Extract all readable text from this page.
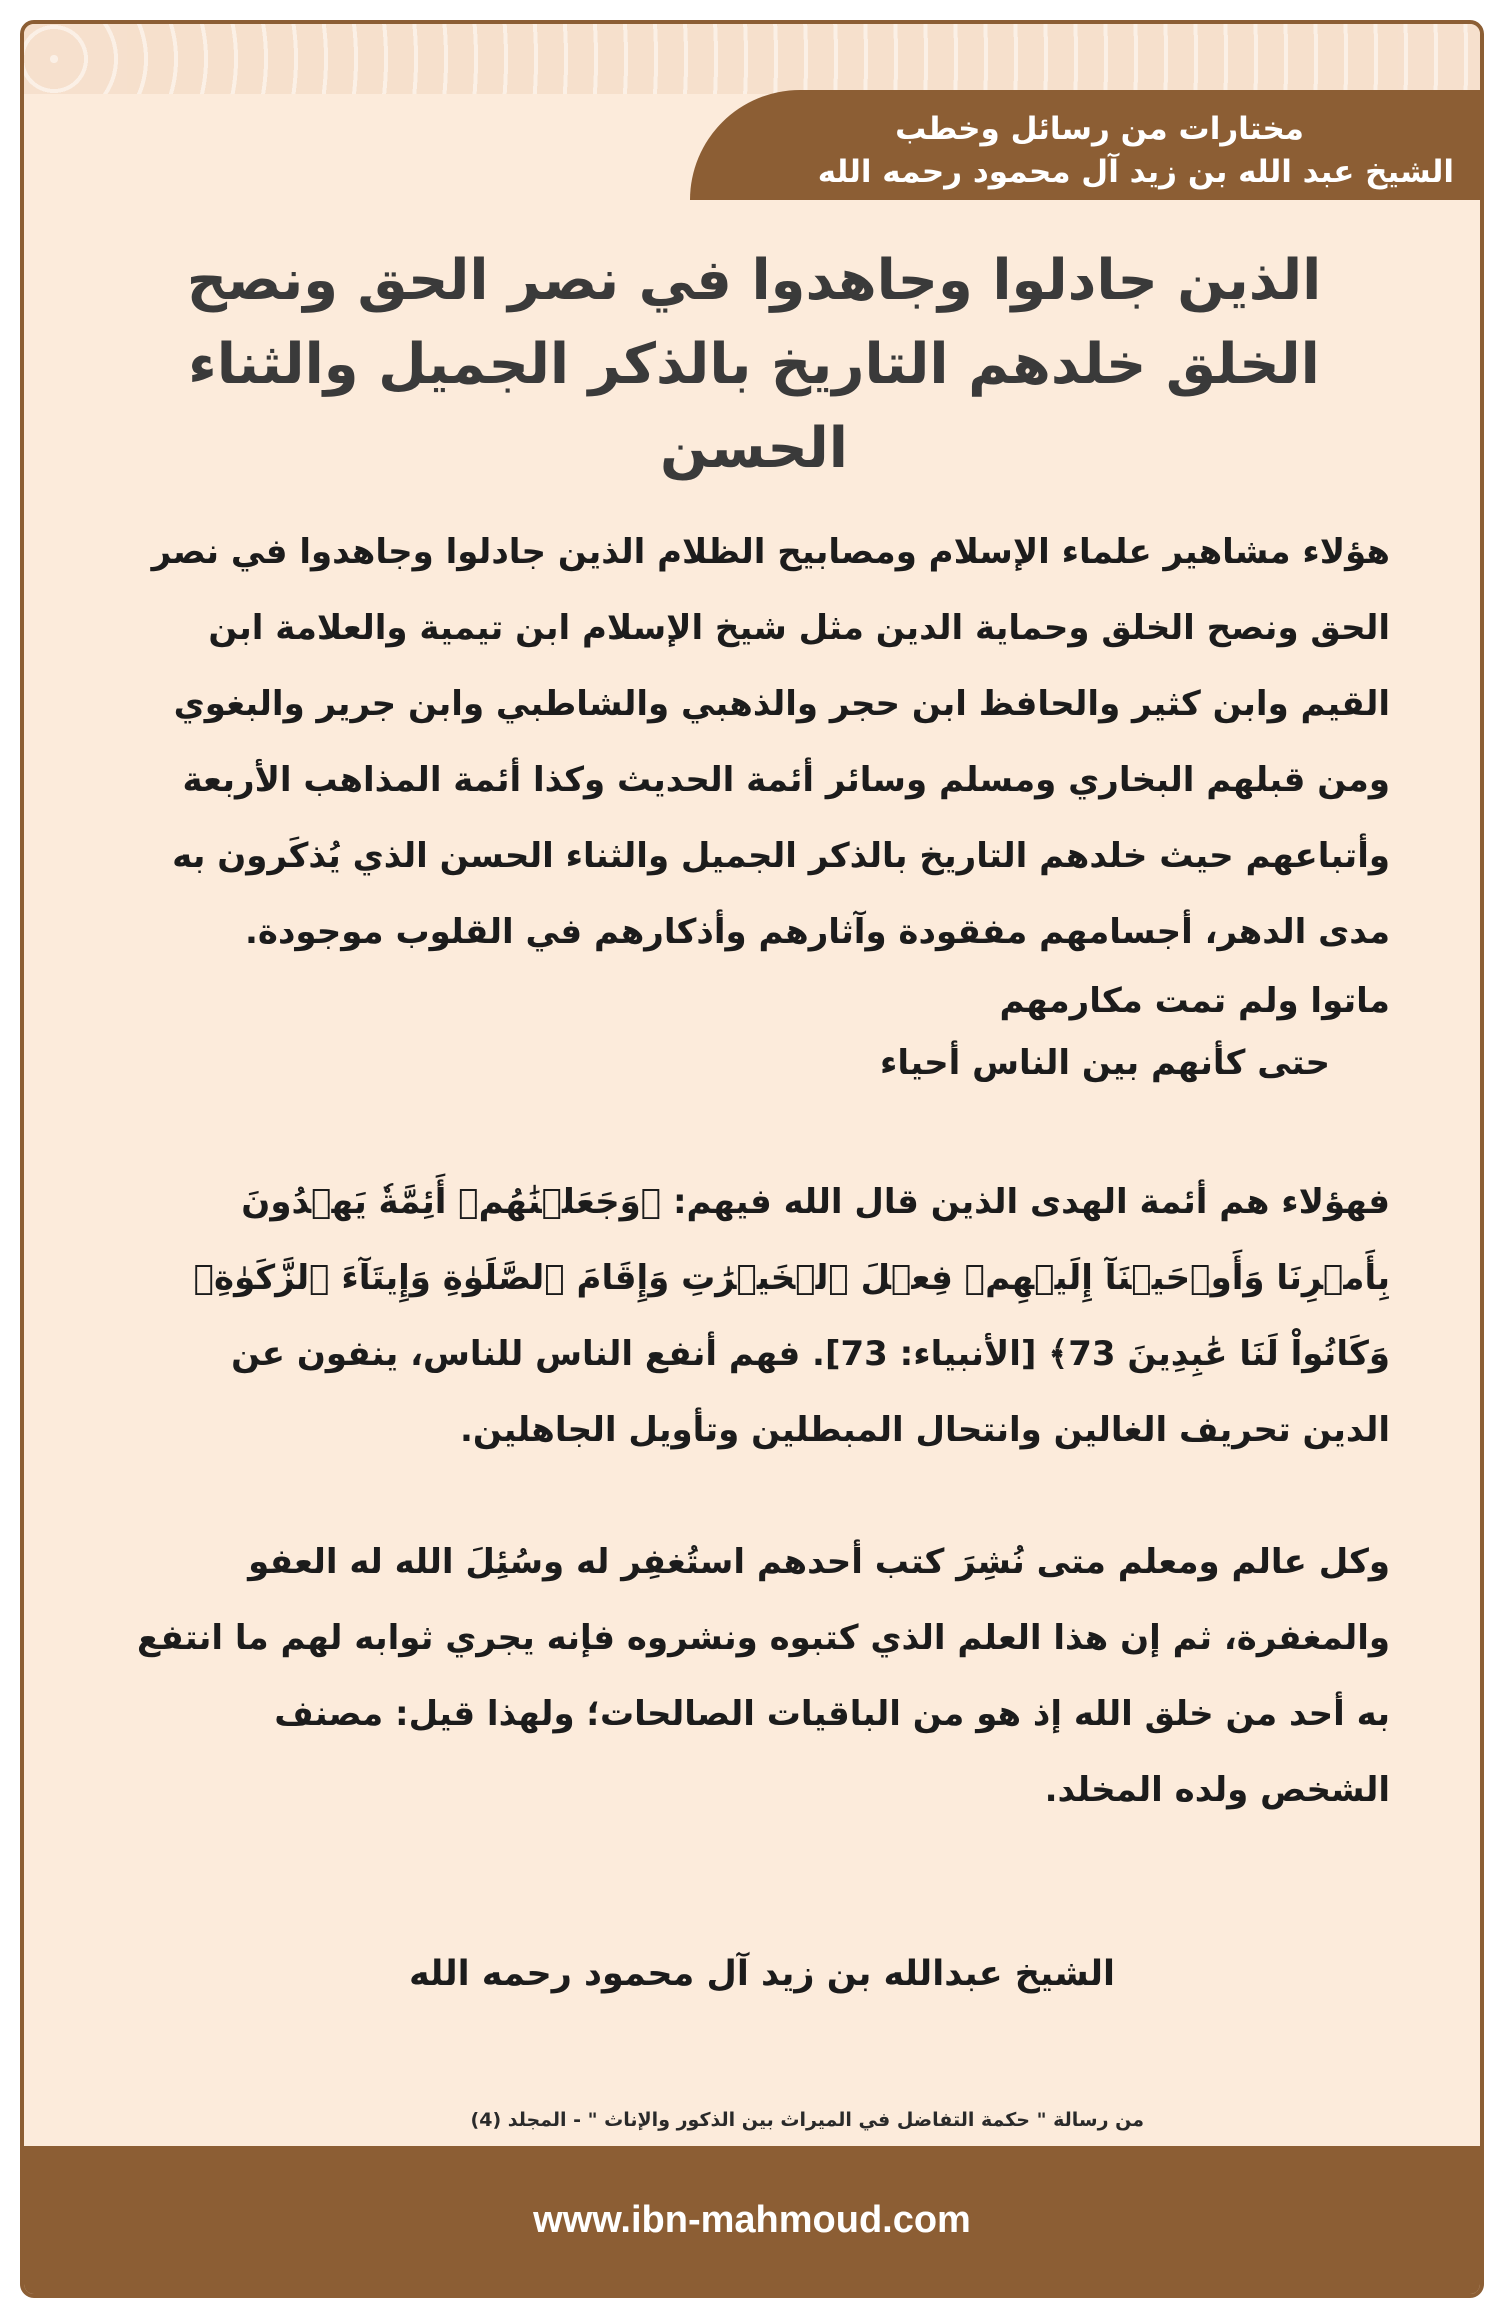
مختارات من رسائل وخطب
الشيخ عبد الله بن زيد آل محمود رحمه الله
الذين جادلوا وجاهدوا في نصر الحق ونصح الخلق خلدهم التاريخ بالذكر الجميل والثناء الحسن

هؤلاء مشاهير علماء الإسلام ومصابيح الظلام الذين جادلوا وجاهدوا في نصر الحق ونصح الخلق وحماية الدين مثل شيخ الإسلام ابن تيمية والعلامة ابن القيم وابن كثير والحافظ ابن حجر والذهبي والشاطبي وابن جرير والبغوي ومن قبلهم البخاري ومسلم وسائر أئمة الحديث وكذا أئمة المذاهب الأربعة وأتباعهم حيث خلدهم التاريخ بالذكر الجميل والثناء الحسن الذي يُذكَرون به مدى الدهر، أجسامهم مفقودة وآثارهم وأذكارهم في القلوب موجودة.

ماتوا ولم تمت مكارمهم

حتى كأنهم بين الناس أحياء

فهؤلاء هم أئمة الهدى الذين قال الله فيهم: ﴿وَجَعَلۡنَٰهُمۡ أَئِمَّةٗ يَهۡدُونَ بِأَمۡرِنَا وَأَوۡحَيۡنَآ إِلَيۡهِمۡ فِعۡلَ ٱلۡخَيۡرَٰتِ وَإِقَامَ ٱلصَّلَوٰةِ وَإِيتَآءَ ٱلزَّكَوٰةِۖ وَكَانُواْ لَنَا عَٰبِدِينَ 73﴾ [الأنبياء: 73]. فهم أنفع الناس للناس، ينفون عن الدين تحريف الغالين وانتحال المبطلين وتأويل الجاهلين.

وكل عالم ومعلم متى نُشِرَ كتب أحدهم استُغفِر له وسُئِلَ الله له العفو والمغفرة، ثم إن هذا العلم الذي كتبوه ونشروه فإنه يجري ثوابه لهم ما انتفع به أحد من خلق الله إذ هو من الباقيات الصالحات؛ ولهذا قيل: مصنف الشخص ولده المخلد.

الشيخ عبدالله بن زيد آل محمود رحمه الله
من رسالة " حكمة التفاضل في الميراث بين الذكور والإناث " - المجلد (4)
www.ibn-mahmoud.com
